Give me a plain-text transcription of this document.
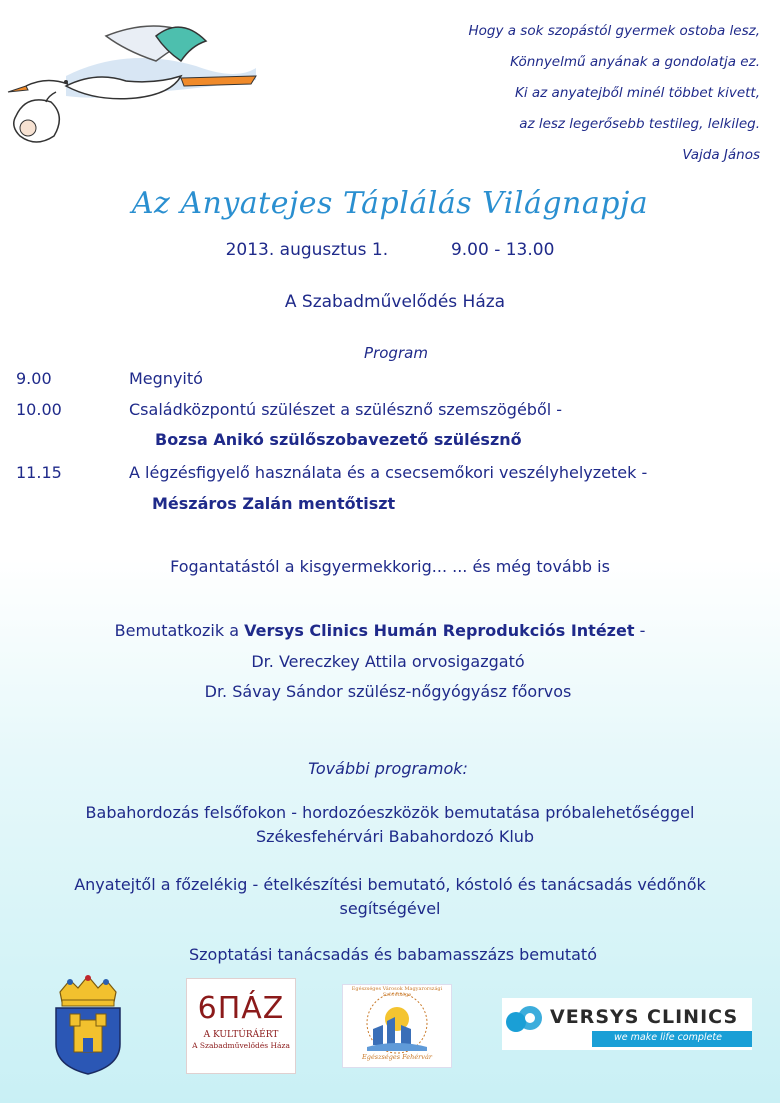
Hogy a sok szopástól gyermek ostoba lesz,
Könnyelmű anyának a gondolatja ez.
Ki az anyatejből minél többet kivett,
az lesz legerősebb testileg, lelkileg.
Vajda János
Az Anyatejes Táplálás Világnapja
2013. augusztus 1.	9.00 - 13.00
A Szabadművelődés Háza
Program
9.00	Megnyitó
10.00	Családközpontú szülészet a szülésznő szemszögéből -
Bozsa Anikó szülőszobavezető szülésznő
11.15	A légzésfigyelő használata és a csecsemőkori veszélyhelyzetek -
Mészáros Zalán mentőtiszt
Fogantatástól a kisgyermekkorig... ... és még tovább is
Bemutatkozik a Versys Clinics Humán Reprodukciós Intézet -
Dr. Vereczkey Attila orvosigazgató
Dr. Sávay Sándor szülész-nőgyógyász főorvos
További programok:
Babahordozás felsőfokon - hordozóeszközök bemutatása próbalehetőséggel
Székesfehérvári Babahordozó Klub
Anyatejtől a főzelékig - ételkészítési bemutató, kóstoló és tanácsadás védőnők
segítségével
Szoptatási tanácsadás és babamasszázs bemutató
6ΠÁZ
A KULTÚRÁÉRT
A Szabadművelődés Háza
Egészséges Városok Magyarországi Szövetsége
Egészséges Fehérvár
VERSYS CLINICS
we make life complete
